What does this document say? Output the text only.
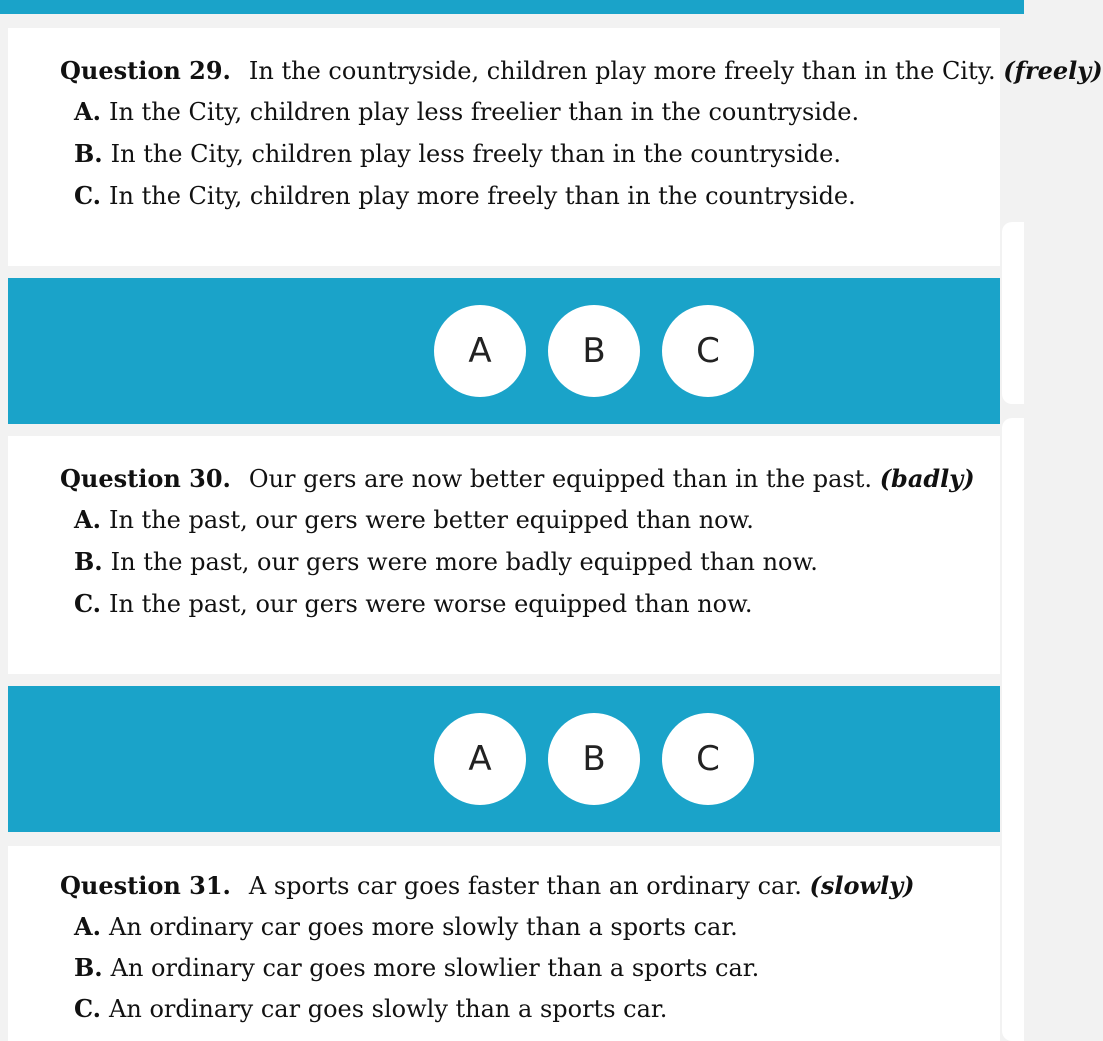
Question 29. In the countryside, children play more freely than in the City. (freely)
A. In the City, children play less freelier than in the countryside.
B. In the City, children play less freely than in the countryside.
C. In the City, children play more freely than in the countryside.
A	B	C
Question 30. Our gers are now better equipped than in the past. (badly)
A. In the past, our gers were better equipped than now.
B. In the past, our gers were more badly equipped than now.
C. In the past, our gers were worse equipped than now.
A	B	C
Question 31. A sports car goes faster than an ordinary car. (slowly)
A. An ordinary car goes more slowly than a sports car.
B. An ordinary car goes more slowlier than a sports car.
C. An ordinary car goes slowly than a sports car.
